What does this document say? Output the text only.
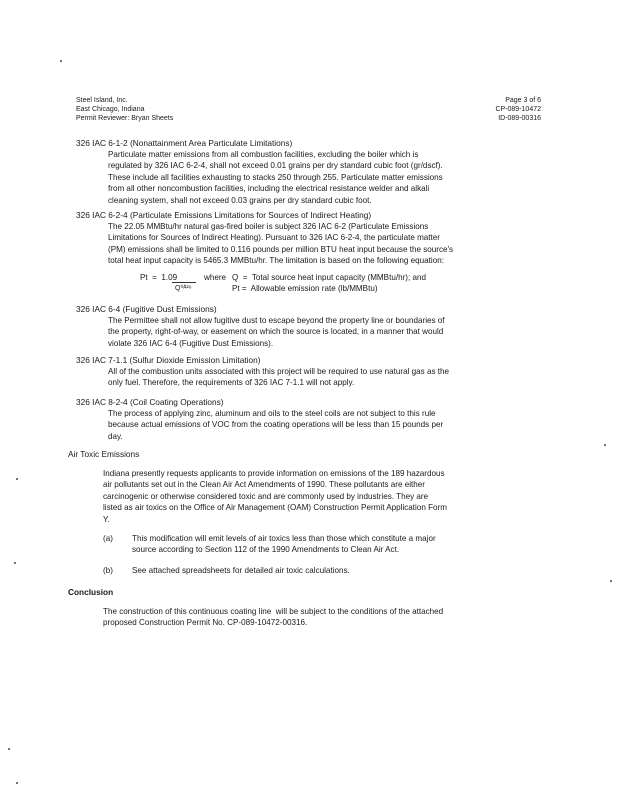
Steel Island, Inc.
East Chicago, Indiana
Permit Reviewer: Bryan Sheets
Page 3 of 6
CP-089-10472
ID-089-00316
326 IAC 6-1-2 (Nonattainment Area Particulate Limitations)
Particulate matter emissions from all combustion facilities, excluding the boiler which is
regulated by 326 IAC 6-2-4, shall not exceed 0.01 grains per dry standard cubic foot (gr/dscf).
These include all facilities exhausting to stacks 250 through 255. Particulate matter emissions
from all other noncombustion facilities, including the electrical resistance welder and alkali
cleaning system, shall not exceed 0.03 grains per dry standard cubic foot.
326 IAC 6-2-4 (Particulate Emissions Limitations for Sources of Indirect Heating)
The 22.05 MMBtu/hr natural gas-fired boiler is subject 326 IAC 6-2 (Particulate Emissions
Limitations for Sources of Indirect Heating). Pursuant to 326 IAC 6-2-4, the particulate matter
(PM) emissions shall be limited to 0.116 pounds per million BTU heat input because the source's
total heat input capacity is 5465.3 MMBtu/hr. The limitation is based on the following equation:
Pt  =  1.09
Q⁰ᴬ²⁶
where Q  =  Total source heat input capacity (MMBtu/hr); and
Pt =  Allowable emission rate (lb/MMBtu)
326 IAC 6-4 (Fugitive Dust Emissions)
The Permittee shall not allow fugitive dust to escape beyond the property line or boundaries of
the property, right-of-way, or easement on which the source is located, in a manner that would
violate 326 IAC 6-4 (Fugitive Dust Emissions).
326 IAC 7-1.1 (Sulfur Dioxide Emission Limitation)
All of the combustion units associated with this project will be required to use natural gas as the
only fuel. Therefore, the requirements of 326 IAC 7-1.1 will not apply.
326 IAC 8-2-4 (Coil Coating Operations)
The process of applying zinc, aluminum and oils to the steel coils are not subject to this rule
because actual emissions of VOC from the coating operations will be less than 15 pounds per
day.
Air Toxic Emissions
Indiana presently requests applicants to provide information on emissions of the 189 hazardous
air pollutants set out in the Clean Air Act Amendments of 1990. These pollutants are either
carcinogenic or otherwise considered toxic and are commonly used by industries. They are
listed as air toxics on the Office of Air Management (OAM) Construction Permit Application Form
Y.
(a) This modification will emit levels of air toxics less than those which constitute a major
source according to Section 112 of the 1990 Amendments to Clean Air Act.
(b) See attached spreadsheets for detailed air toxic calculations.
Conclusion
The construction of this continuous coating line  will be subject to the conditions of the attached
proposed Construction Permit No. CP-089-10472-00316.
